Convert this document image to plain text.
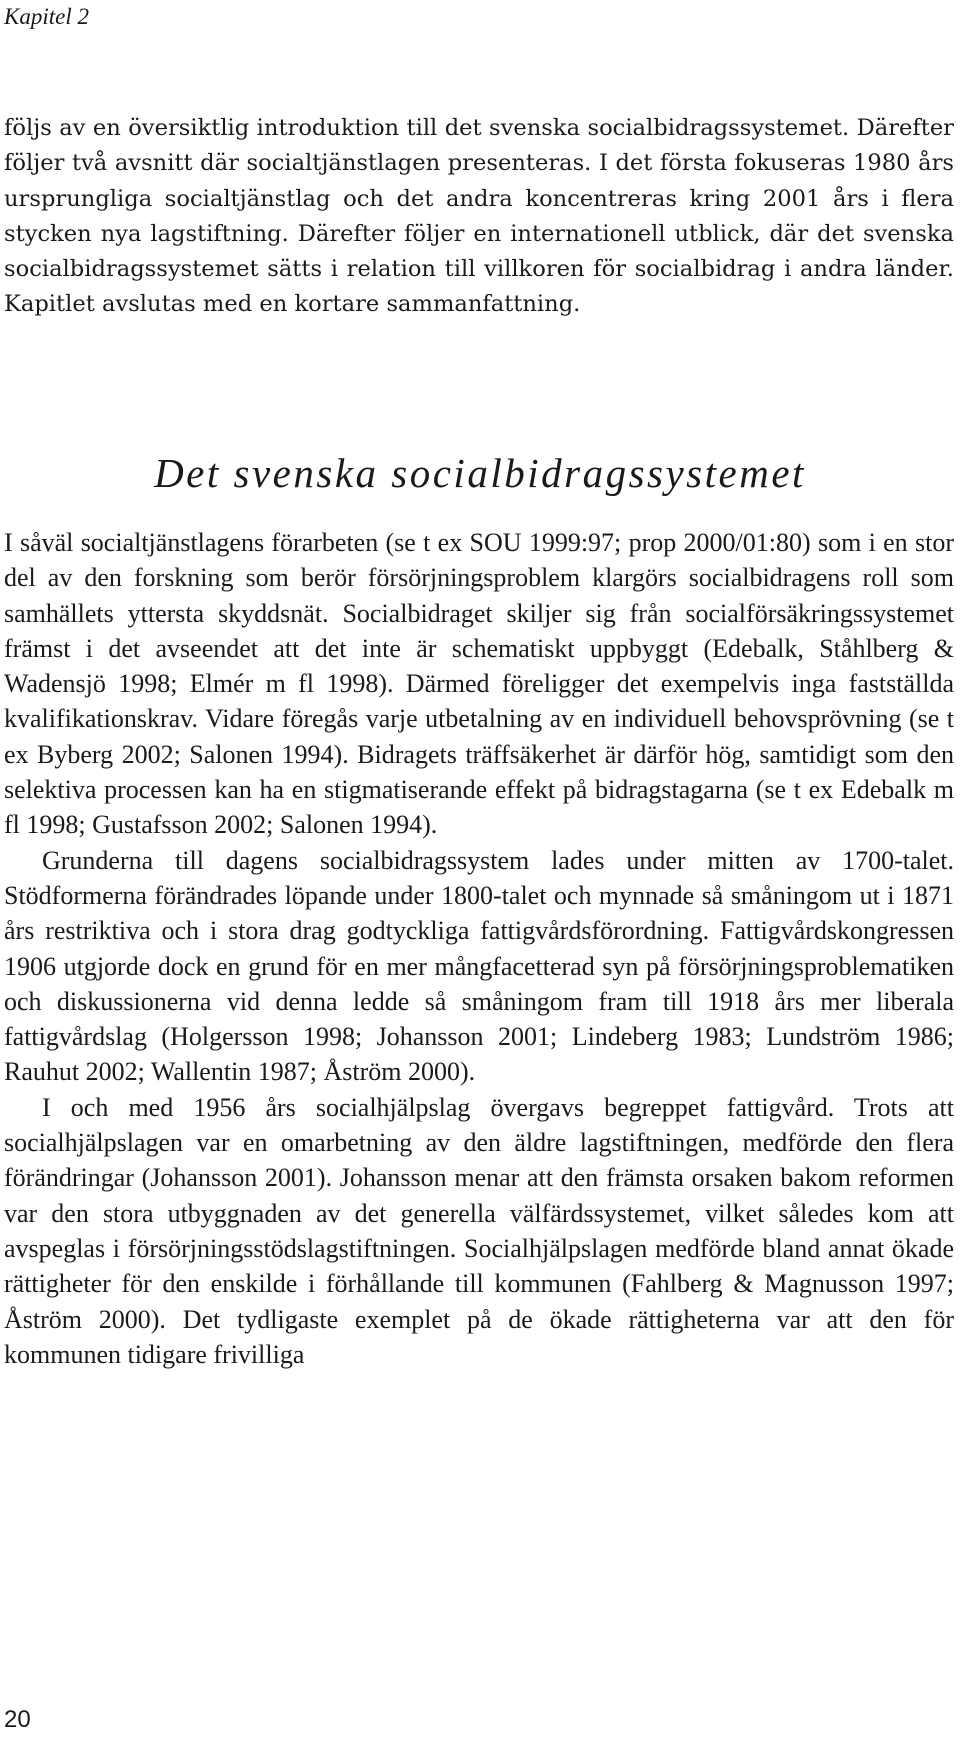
Kapitel 2

följs av en översiktlig introduktion till det svenska socialbidragssystemet. Därefter följer två avsnitt där socialtjänstlagen presenteras. I det första fokuseras 1980 års ursprungliga socialtjänstlag och det andra koncentreras kring 2001 års i flera stycken nya lagstiftning. Därefter följer en internationell utblick, där det svenska socialbidragssystemet sätts i relation till villkoren för socialbidrag i andra länder. Kapitlet avslutas med en kortare sammanfattning.

Det svenska socialbidragssystemet

I såväl socialtjänstlagens förarbeten (se t ex SOU 1999:97; prop 2000/01:80) som i en stor del av den forskning som berör försörjningsproblem klargörs socialbidragens roll som samhällets yttersta skyddsnät. Socialbidraget skiljer sig från socialförsäkringssystemet främst i det avseendet att det inte är schematiskt uppbyggt (Edebalk, Ståhlberg & Wadensjö 1998; Elmér m fl 1998). Därmed föreligger det exempelvis inga fastställda kvalifikationskrav. Vidare föregås varje utbetalning av en individuell behovsprövning (se t ex Byberg 2002; Salonen 1994). Bidragets träffsäkerhet är därför hög, samtidigt som den selektiva processen kan ha en stigmatiserande effekt på bidragstagarna (se t ex Edebalk m fl 1998; Gustafsson 2002; Salonen 1994).

Grunderna till dagens socialbidragssystem lades under mitten av 1700-talet. Stödformerna förändrades löpande under 1800-talet och mynnade så småningom ut i 1871 års restriktiva och i stora drag godtyckliga fattigvårdsförordning. Fattigvårdskongressen 1906 utgjorde dock en grund för en mer mångfacetterad syn på försörjningsproblematiken och diskussionerna vid denna ledde så småningom fram till 1918 års mer liberala fattigvårdslag (Holgersson 1998; Johansson 2001; Lindeberg 1983; Lundström 1986; Rauhut 2002; Wallentin 1987; Åström 2000).

I och med 1956 års socialhjälpslag övergavs begreppet fattigvård. Trots att socialhjälpslagen var en omarbetning av den äldre lagstiftningen, medförde den flera förändringar (Johansson 2001). Johansson menar att den främsta orsaken bakom reformen var den stora utbyggnaden av det generella välfärdssystemet, vilket således kom att avspeglas i försörjningsstödslagstiftningen. Socialhjälpslagen medförde bland annat ökade rättigheter för den enskilde i förhållande till kommunen (Fahlberg & Magnusson 1997; Åström 2000). Det tydligaste exemplet på de ökade rättigheterna var att den för kommunen tidigare frivilliga

20
